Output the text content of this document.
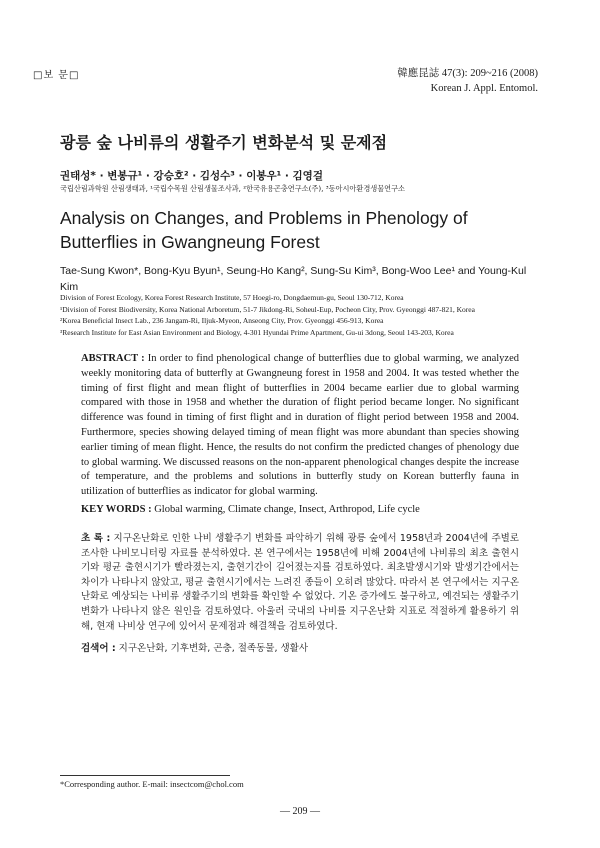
□보 문□	韓應昆誌 47(3): 209~216 (2008)
Korean J. Appl. Entomol.
광릉 숲 나비류의 생활주기 변화분석 및 문제점
권태성* · 변봉규¹ · 강승호² · 김성수³ · 이봉우¹ · 김영걸
국립산림과학원 산림생태과, ¹국립수목원 산림생물조사과, ²한국유용곤충연구소(주), ³동아시아환경생물연구소
Analysis on Changes, and Problems in Phenology of Butterflies in Gwangneung Forest
Tae-Sung Kwon*, Bong-Kyu Byun¹, Seung-Ho Kang², Sung-Su Kim³, Bong-Woo Lee¹ and Young-Kul Kim
Division of Forest Ecology, Korea Forest Research Institute, 57 Hoegi-ro, Dongdaemun-gu, Seoul 130-712, Korea
¹Division of Forest Biodiversity, Korea National Arboretum, 51-7 Jikdong-Ri, Soheul-Eup, Pocheon City, Prov. Gyeonggi 487-821, Korea
²Korea Beneficial Insect Lab., 236 Jangam-Ri, Iljuk-Myeon, Anseong City, Prov. Gyeonggi 456-913, Korea
³Research Institute for East Asian Environment and Biology, 4-301 Hyundai Prime Apartment, Gu-ui 3dong, Seoul 143-203, Korea
ABSTRACT : In order to find phenological change of butterflies due to global warming, we analyzed weekly monitoring data of butterfly at Gwangneung forest in 1958 and 2004. It was tested whether the timing of first flight and mean flight of butterflies in 2004 became earlier due to global warming compared with those in 1958 and whether the duration of flight period became longer. No significant difference was found in timing of first flight and in duration of flight period between 1958 and 2004. Furthermore, species showing delayed timing of mean flight was more abundant than species showing earlier timing of mean flight. Hence, the results do not confirm the predicted changes of phenology due to global warming. We discussed reasons on the non-apparent phenological changes despite the increase of temperature, and the problems and solutions in butterfly study on Korean butterfly fauna in utilization of butterflies as indicator for global warming.
KEY WORDS : Global warming, Climate change, Insect, Arthropod, Life cycle
초 록 : 지구온난화로 인한 나비 생활주기 변화를 파악하기 위해 광릉 숲에서 1958년과 2004년에 주별로 조사한 나비모니터링 자료를 분석하였다. 본 연구에서는 1958년에 비해 2004년에 나비류의 최초 출현시기와 평균 출현시기가 빨라졌는지, 출현기간이 길어졌는지를 검토하였다. 최초발생시기와 발생기간에서는 차이가 나타나지 않았고, 평균 출현시기에서는 느려진 종들이 오히려 많았다. 따라서 본 연구에서는 지구온난화로 예상되는 나비류 생활주기의 변화를 확인할 수 없었다. 기온 증가에도 불구하고, 예견되는 생활주기 변화가 나타나지 않은 원인을 검토하였다. 아울러 국내의 나비를 지구온난화 지표로 적절하게 활용하기 위해, 현재 나비상 연구에 있어서 문제점과 해결책을 검토하였다.
검색어 : 지구온난화, 기후변화, 곤충, 절족동물, 생활사
*Corresponding author. E-mail: insectcom@chol.com
— 209 —
